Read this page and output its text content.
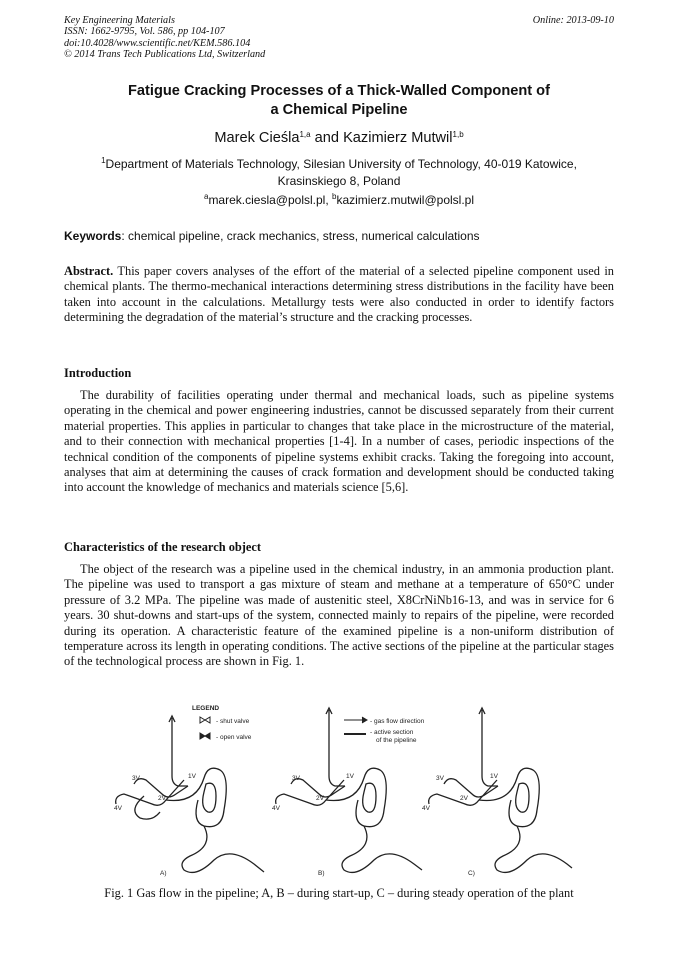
Key Engineering Materials
ISSN: 1662-9795, Vol. 586, pp 104-107
doi:10.4028/www.scientific.net/KEM.586.104
© 2014 Trans Tech Publications Ltd, Switzerland
Online: 2013-09-10
Fatigue Cracking Processes of a Thick-Walled Component of
a Chemical Pipeline
Marek Cieśla$^{1,a}$ and Kazimierz Mutwil$^{1,b}$
$^1$Department of Materials Technology, Silesian University of Technology, 40-019 Katowice,
Krasinskiego 8, Poland
$^a$marek.ciesla@polsl.pl, $^b$kazimierz.mutwil@polsl.pl
Keywords: chemical pipeline, crack mechanics, stress, numerical calculations

Abstract. This paper covers analyses of the effort of the material of a selected pipeline component used in chemical plants. The thermo-mechanical interactions determining stress distributions in the facility have been taken into account in the calculations. Metallurgy tests were also conducted in order to identify factors determining the degradation of the material’s structure and the cracking processes.

Introduction

The durability of facilities operating under thermal and mechanical loads, such as pipeline systems operating in the chemical and power engineering industries, cannot be discussed separately from their current material properties. This applies in particular to changes that take place in the microstructure of the material, and to their connection with mechanical properties [1-4]. In a number of cases, periodic inspections of the technical condition of the components of pipeline systems exhibit cracks. Taking the foregoing into account, analyses that aim at determining the causes of crack formation and development should be conducted taking into account the knowledge of mechanics and materials science [5,6].

Characteristics of the research object

The object of the research was a pipeline used in the chemical industry, in an ammonia production plant. The pipeline was used to transport a gas mixture of steam and methane at a temperature of 650°C under pressure of 3.2 MPa. The pipeline was made of austenitic steel, X8CrNiNb16-13, and was in service for 6 years. 30 shut-downs and start-ups of the system, connected mainly to repairs of the pipeline, were recorded during its operation. A characteristic feature of the examined pipeline is a non-uniform distribution of temperature across its length in operating conditions. The active sections of the pipeline at the particular stages of the technological process are shown in Fig. 1.

LEGEND
- shut valve
- open valve
- gas flow direction
- active section
of the pipeline
3V	1V
2V
4V
A)
3V	1V
2V
4V
B)
3V	1V
2V
4V
C)
Fig. 1 Gas flow in the pipeline; A, B – during start-up, C – during steady operation of the plant
